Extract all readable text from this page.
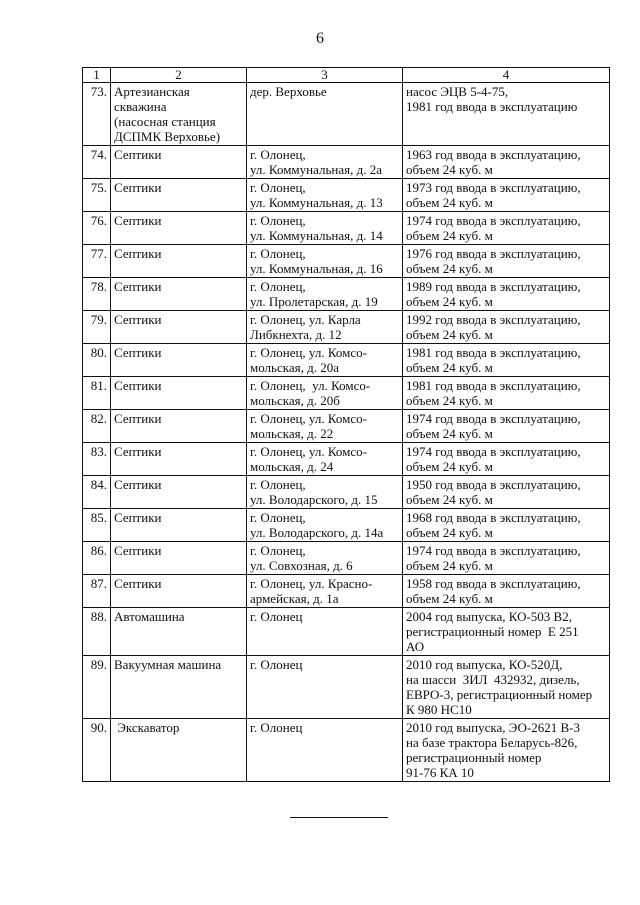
6
1	2	3	4
73.	Артезианская
скважина
(насосная станция
ДСПМК Верховье)	дер. Верховье	насос ЭЦВ 5-4-75,
1981 год ввода в эксплуатацию

74.	Септики	г. Олонец,
ул. Коммунальная, д. 2а	1963 год ввода в эксплуатацию,
объем 24 куб. м

75.	Септики	г. Олонец,
ул. Коммунальная, д. 13	1973 год ввода в эксплуатацию,
объем 24 куб. м

76.	Септики	г. Олонец,
ул. Коммунальная, д. 14	1974 год ввода в эксплуатацию,
объем 24 куб. м

77.	Септики	г. Олонец,
ул. Коммунальная, д. 16	1976 год ввода в эксплуатацию,
объем 24 куб. м

78.	Септики	г. Олонец,
ул. Пролетарская, д. 19	1989 год ввода в эксплуатацию,
объем 24 куб. м

79.	Септики	г. Олонец, ул. Карла
Либкнехта, д. 12	1992 год ввода в эксплуатацию,
объем 24 куб. м

80.	Септики	г. Олонец, ул. Комсо-
мольская, д. 20а	1981 год ввода в эксплуатацию,
объем 24 куб. м

81.	Септики	г. Олонец,  ул. Комсо-
мольская, д. 20б	1981 год ввода в эксплуатацию,
объем 24 куб. м

82.	Септики	г. Олонец, ул. Комсо-
мольская, д. 22	1974 год ввода в эксплуатацию,
объем 24 куб. м

83.	Септики	г. Олонец, ул. Комсо-
мольская, д. 24	1974 год ввода в эксплуатацию,
объем 24 куб. м

84.	Септики	г. Олонец,
ул. Володарского, д. 15	1950 год ввода в эксплуатацию,
объем 24 куб. м

85.	Септики	г. Олонец,
ул. Володарского, д. 14а	1968 год ввода в эксплуатацию,
объем 24 куб. м

86.	Септики	г. Олонец,
ул. Совхозная, д. 6	1974 год ввода в эксплуатацию,
объем 24 куб. м

87.	Септики	г. Олонец, ул. Красно-
армейская, д. 1а	1958 год ввода в эксплуатацию,
объем 24 куб. м

88.	Автомашина	г. Олонец	2004 год выпуска, КО-503 В2,
регистрационный номер  Е 251
АО

89.	Вакуумная машина	г. Олонец	2010 год выпуска, КО-520Д,
на шасси  ЗИЛ  432932, дизель,
ЕВРО-3, регистрационный номер
К 980 НС10

90.	Экскаватор	г. Олонец	2010 год выпуска, ЭО-2621 В-3
на базе трактора Беларусь-826,
регистрационный номер
91-76 КА 10
